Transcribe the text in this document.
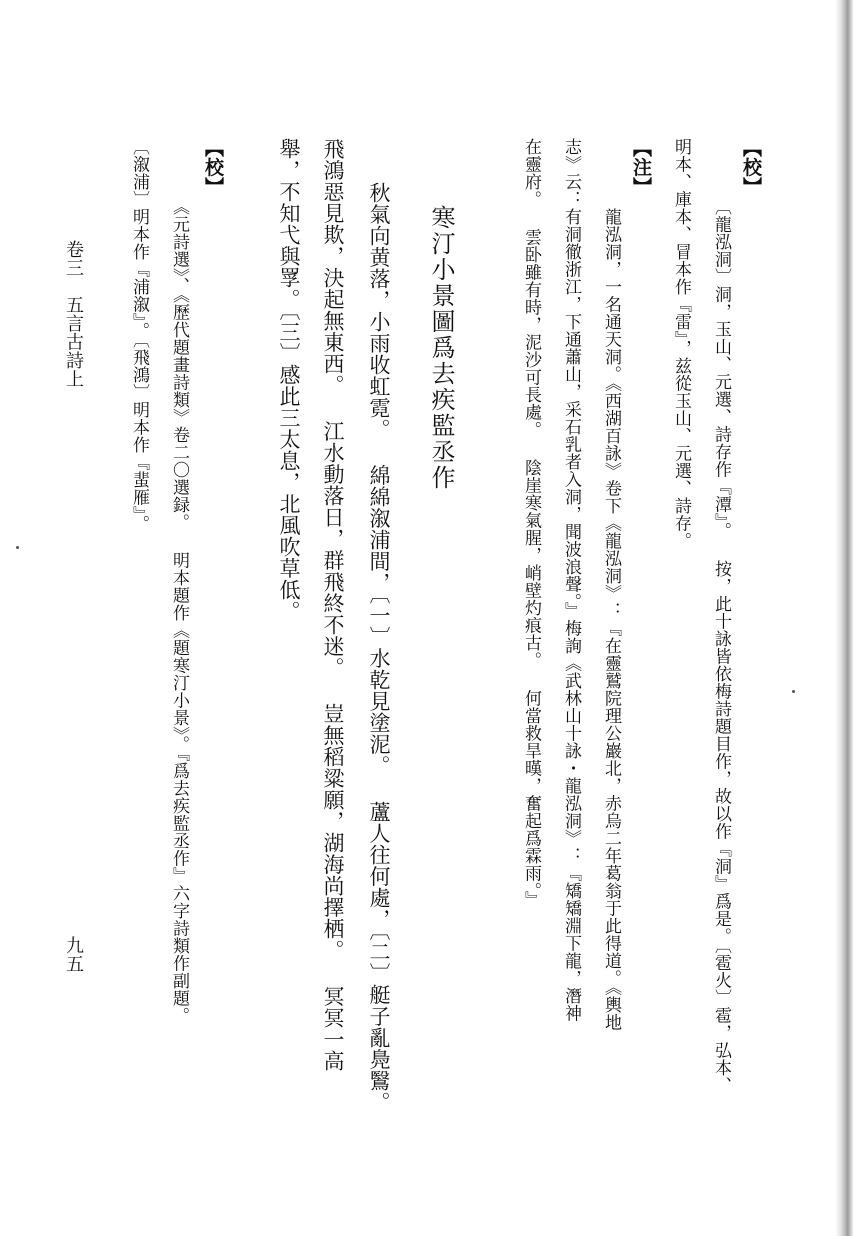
【校】
〔龍泓洞〕洞，玉山、元選、詩存作『潭』。 按，此十詠皆依梅詩題目作，故以作『洞』爲是。〔雹火〕雹，弘本、
明本、庫本、冒本作『雷』，兹從玉山、元選、詩存。
【注】
龍泓洞，一名通天洞。《西湖百詠》卷下《龍泓洞》：『在靈鷲院理公巖北，赤烏二年葛翁于此得道。《輿地
志》云：有洞徹浙江，下通蕭山，采石乳者入洞，聞波浪聲。』梅詢《武林山十詠・龍泓洞》：『矯矯淵下龍，潛神
在靈府。 雲卧雖有時，泥沙可長處。 陰崖寒氣腥，峭壁灼痕古。 何當救旱暵，奮起爲霖雨。』
寒汀小景圖爲去疾監丞作
秋氣向黄落，小雨收虹霓。 綿綿溆浦間，〔一〕水乾見塗泥。 蘆人往何處，〔二〕艇子亂鳧鷖。
飛鴻惡見欺，決起無東西。 江水動落日，群飛終不迷。 豈無稻粱願，湖海尚擇栖。 冥冥一高
舉，不知弋與罦。〔三〕感此三太息，北風吹草低。
【校】
《元詩選》、《歷代題畫詩類》卷二〇選録。 明本題作《題寒汀小景》。『爲去疾監丞作』六字詩類作副題。
〔溆浦〕明本作『浦溆』。〔飛鴻〕明本作『蜚雁』。
卷三　五言古詩上
九五
